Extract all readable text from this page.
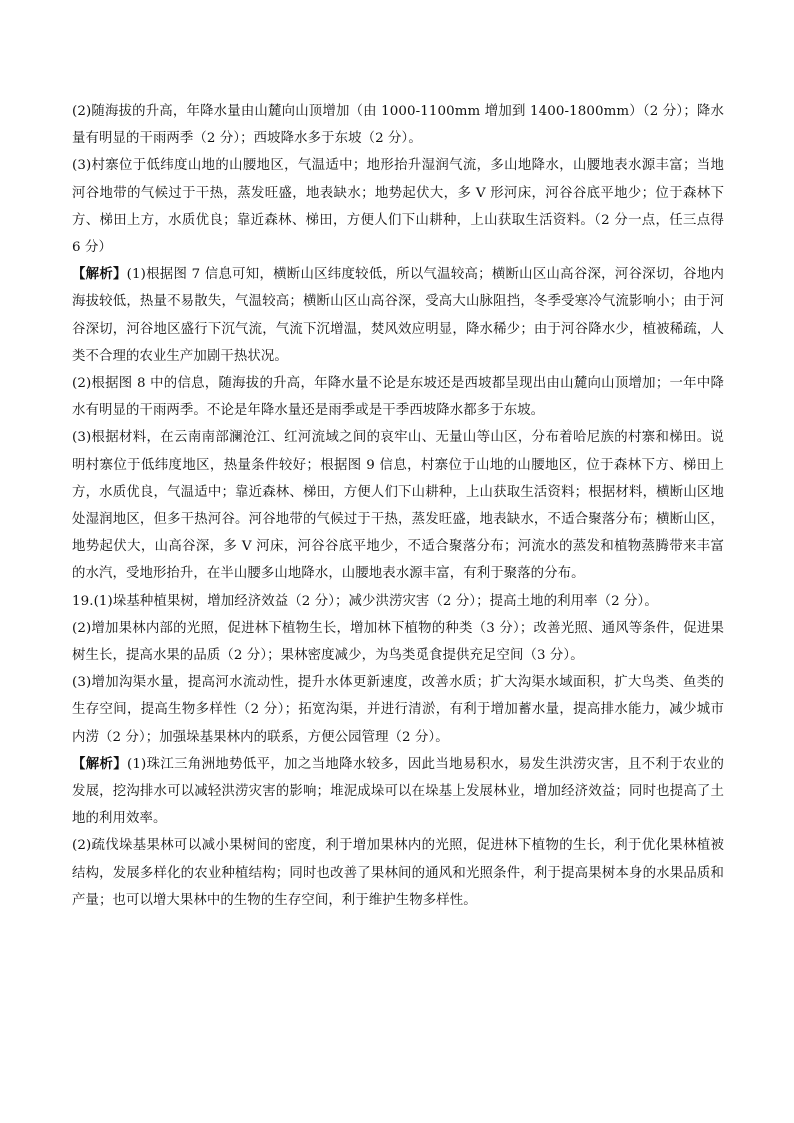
(2)随海拔的升高，年降水量由山麓向山顶增加（由 1000-1100mm 增加到 1400-1800mm）（2 分）；降水量有明显的干雨两季（2 分）；西坡降水多于东坡（2 分）。

(3)村寨位于低纬度山地的山腰地区，气温适中；地形抬升湿润气流，多山地降水，山腰地表水源丰富；当地河谷地带的气候过于干热，蒸发旺盛，地表缺水；地势起伏大，多 V 形河床，河谷谷底平地少；位于森林下方、梯田上方，水质优良；靠近森林、梯田，方便人们下山耕种，上山获取生活资料。（2 分一点，任三点得 6 分）

【解析】(1)根据图 7 信息可知，横断山区纬度较低，所以气温较高；横断山区山高谷深，河谷深切，谷地内海拔较低，热量不易散失，气温较高；横断山区山高谷深，受高大山脉阻挡，冬季受寒冷气流影响小；由于河谷深切，河谷地区盛行下沉气流，气流下沉增温，焚风效应明显，降水稀少；由于河谷降水少，植被稀疏，人类不合理的农业生产加剧干热状况。

(2)根据图 8 中的信息，随海拔的升高，年降水量不论是东坡还是西坡都呈现出由山麓向山顶增加；一年中降水有明显的干雨两季。不论是年降水量还是雨季或是干季西坡降水都多于东坡。

(3)根据材料，在云南南部澜沧江、红河流域之间的哀牢山、无量山等山区，分布着哈尼族的村寨和梯田。说明村寨位于低纬度地区，热量条件较好；根据图 9 信息，村寨位于山地的山腰地区，位于森林下方、梯田上方，水质优良，气温适中；靠近森林、梯田，方便人们下山耕种，上山获取生活资料；根据材料，横断山区地处湿润地区，但多干热河谷。河谷地带的气候过于干热，蒸发旺盛，地表缺水，不适合聚落分布；横断山区，地势起伏大，山高谷深，多 V 河床，河谷谷底平地少，不适合聚落分布；河流水的蒸发和植物蒸腾带来丰富的水汽，受地形抬升，在半山腰多山地降水，山腰地表水源丰富，有利于聚落的分布。

19.(1)垛基种植果树，增加经济效益（2 分）；减少洪涝灾害（2 分）；提高土地的利用率（2 分）。

(2)增加果林内部的光照，促进林下植物生长，增加林下植物的种类（3 分）；改善光照、通风等条件，促进果树生长，提高水果的品质（2 分）；果林密度减少，为鸟类觅食提供充足空间（3 分）。

(3)增加沟渠水量，提高河水流动性，提升水体更新速度，改善水质；扩大沟渠水域面积，扩大鸟类、鱼类的生存空间，提高生物多样性（2 分）；拓宽沟渠，并进行清淤，有利于增加蓄水量，提高排水能力，减少城市内涝（2 分）；加强垛基果林内的联系，方便公园管理（2 分）。

【解析】(1)珠江三角洲地势低平，加之当地降水较多，因此当地易积水，易发生洪涝灾害，且不利于农业的发展，挖沟排水可以减轻洪涝灾害的影响；堆泥成垛可以在垛基上发展林业，增加经济效益；同时也提高了土地的利用效率。

(2)疏伐垛基果林可以减小果树间的密度，利于增加果林内的光照，促进林下植物的生长，利于优化果林植被结构，发展多样化的农业种植结构；同时也改善了果林间的通风和光照条件，利于提高果树本身的水果品质和产量；也可以增大果林中的生物的生存空间，利于维护生物多样性。
